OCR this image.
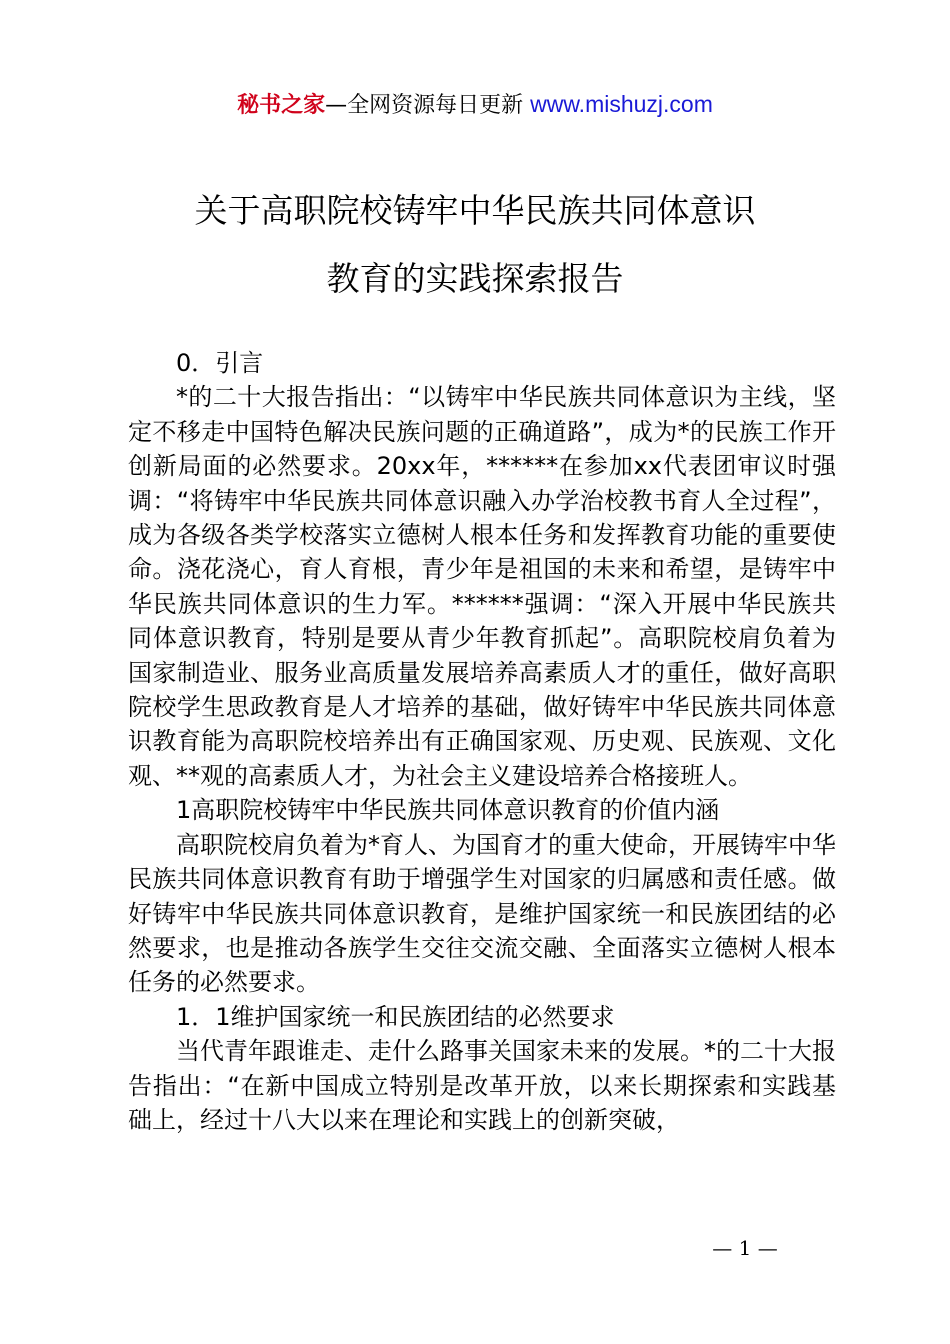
秘书之家—全网资源每日更新 www.mishuzj.com
关于高职院校铸牢中华民族共同体意识
教育的实践探索报告

0．引言

*的二十大报告指出：“以铸牢中华民族共同体意识为主线，坚定不移走中国特色解决民族问题的正确道路”，成为*的民族工作开创新局面的必然要求。20xx年，******在参加xx代表团审议时强调：“将铸牢中华民族共同体意识融入办学治校教书育人全过程”，成为各级各类学校落实立德树人根本任务和发挥教育功能的重要使命。浇花浇心，育人育根，青少年是祖国的未来和希望，是铸牢中华民族共同体意识的生力军。******强调：“深入开展中华民族共同体意识教育，特别是要从青少年教育抓起”。高职院校肩负着为国家制造业、服务业高质量发展培养高素质人才的重任，做好高职院校学生思政教育是人才培养的基础，做好铸牢中华民族共同体意识教育能为高职院校培养出有正确国家观、历史观、民族观、文化观、**观的高素质人才，为社会主义建设培养合格接班人。

1高职院校铸牢中华民族共同体意识教育的价值内涵

高职院校肩负着为*育人、为国育才的重大使命，开展铸牢中华民族共同体意识教育有助于增强学生对国家的归属感和责任感。做好铸牢中华民族共同体意识教育，是维护国家统一和民族团结的必然要求，也是推动各族学生交往交流交融、全面落实立德树人根本任务的必然要求。

1．1维护国家统一和民族团结的必然要求

当代青年跟谁走、走什么路事关国家未来的发展。*的二十大报告指出：“在新中国成立特别是改革开放，以来长期探索和实践基础上，经过十八大以来在理论和实践上的创新突破，

— 1 —
